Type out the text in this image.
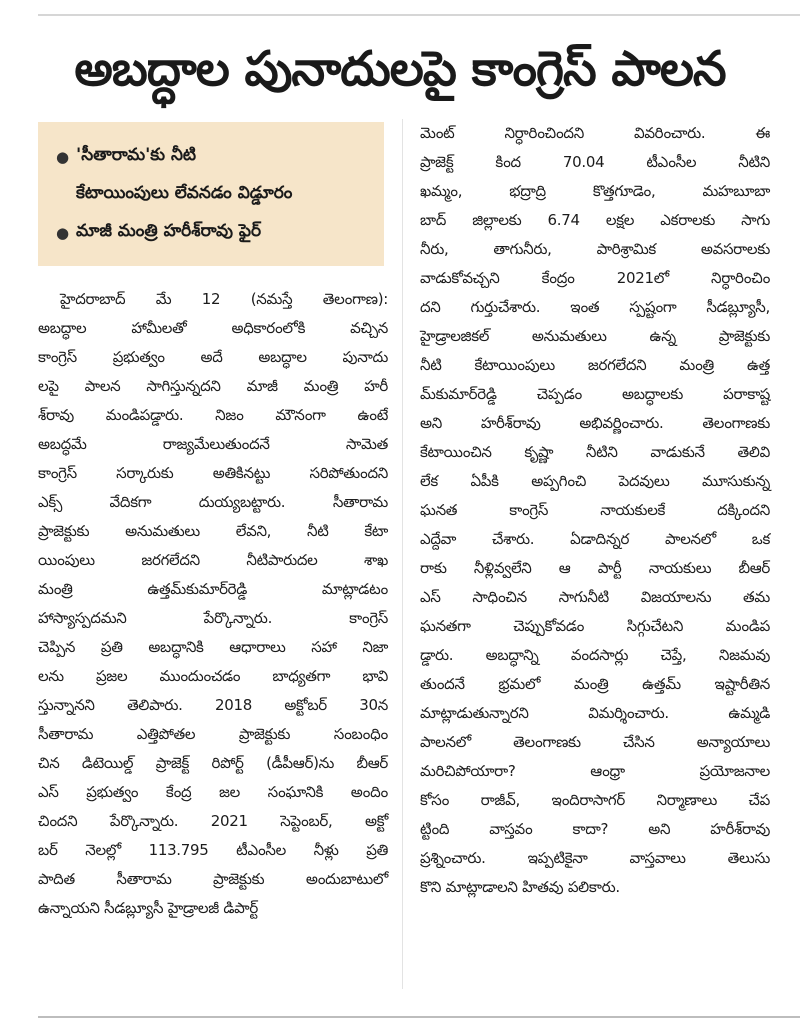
అబద్ధాల పునాదులపై కాంగ్రెస్‌ పాలన
● 'సీతారామ'కు నీటి
కేటాయింపులు లేవనడం విడ్డూరం
● మాజీ మంత్రి హరీశ్‌రావు ఫైర్‌
హైదరాబాద్‌ మే 12 (నమస్తే తెలంగాణ):
అబద్ధాల హామీలతో అధికారంలోకి వచ్చిన
కాంగ్రెస్‌ ప్రభుత్వం అదే అబద్ధాల పునాదు
లపై పాలన సాగిస్తున్నదని మాజీ మంత్రి హరీ
శ్‌రావు మండిపడ్డారు. నిజం మౌనంగా ఉంటే
అబద్ధమే రాజ్యమేలుతుందనే సామెత
కాంగ్రెస్‌ సర్కారుకు అతికినట్టు సరిపోతుందని
ఎక్స్‌ వేదికగా దుయ్యబట్టారు. సీతారామ
ప్రాజెక్టుకు అనుమతులు లేవని, నీటి కేటా
యింపులు జరగలేదని నీటిపారుదల శాఖ
మంత్రి ఉత్తమ్‌కుమార్‌రెడ్డి మాట్లాడటం
హాస్యాస్పదమని పేర్కొన్నారు. కాంగ్రెస్‌
చెప్పిన ప్రతి అబద్ధానికి ఆధారాలు సహా నిజా
లను ప్రజల ముందుంచడం బాధ్యతగా భావి
స్తున్నానని తెలిపారు. 2018 అక్టోబర్‌ 30న
సీతారామ ఎత్తిపోతల ప్రాజెక్టుకు సంబంధిం
చిన డిటెయిల్డ్‌ ప్రాజెక్ట్‌ రిపోర్ట్‌ (డీపీఆర్‌)ను బీఆర్‌
ఎస్‌ ప్రభుత్వం కేంద్ర జల సంఘానికి అందిం
చిందని పేర్కొన్నారు. 2021 సెప్టెంబర్‌, అక్టో
బర్‌ నెలల్లో 113.795 టీఎంసీల నీళ్లు ప్రతి
పాదిత సీతారామ ప్రాజెక్టుకు అందుబాటులో
ఉన్నాయని సీడబ్ల్యూసీ హైడ్రాలజీ డిపార్ట్‌
మెంట్‌ నిర్ధారించిందని వివరించారు. ఈ
ప్రాజెక్ట్‌ కింద 70.04 టీఎంసీల నీటిని
ఖమ్మం, భద్రాద్రి కొత్తగూడెం, మహబూబా
బాద్‌ జిల్లాలకు 6.74 లక్షల ఎకరాలకు సాగు
నీరు, తాగునీరు, పారిశ్రామిక అవసరాలకు
వాడుకోవచ్చని కేంద్రం 2021లో నిర్ధారించిం
దని గుర్తుచేశారు. ఇంత స్పష్టంగా సీడబ్ల్యూసీ,
హైడ్రాలజికల్‌ అనుమతులు ఉన్న ప్రాజెక్టుకు
నీటి కేటాయింపులు జరగలేదని మంత్రి ఉత్త
మ్‌కుమార్‌రెడ్డి చెప్పడం అబద్ధాలకు పరాకాష్ట
అని హరీశ్‌రావు అభివర్ణించారు. తెలంగాణకు
కేటాయించిన కృష్ణా నీటిని వాడుకునే తెలివి
లేక ఏపీకి అప్పగించి పెదవులు మూసుకున్న
ఘనత కాంగ్రెస్‌ నాయకులకే దక్కిందని
ఎద్దేవా చేశారు. ఏడాదిన్నర పాలనలో ఒక
రాకు నీళ్లివ్వలేని ఆ పార్టీ నాయకులు బీఆర్‌
ఎస్‌ సాధించిన సాగునీటి విజయాలను తమ
ఘనతగా చెప్పుకోవడం సిగ్గుచేటని మండిప
డ్డారు. అబద్ధాన్ని వందసార్లు చెప్తే, నిజమవు
తుందనే భ్రమలో మంత్రి ఉత్తమ్‌ ఇష్టారీతిన
మాట్లాడుతున్నారని విమర్శించారు. ఉమ్మడి
పాలనలో తెలంగాణకు చేసిన అన్యాయాలు
మరిచిపోయారా? ఆంధ్రా ప్రయోజనాల
కోసం రాజీవ్‌, ఇందిరాసాగర్‌ నిర్మాణాలు చేప
ట్టింది వాస్తవం కాదా? అని హరీశ్‌రావు
ప్రశ్నించారు. ఇప్పటికైనా వాస్తవాలు తెలుసు
కొని మాట్లాడాలని హితవు పలికారు.
